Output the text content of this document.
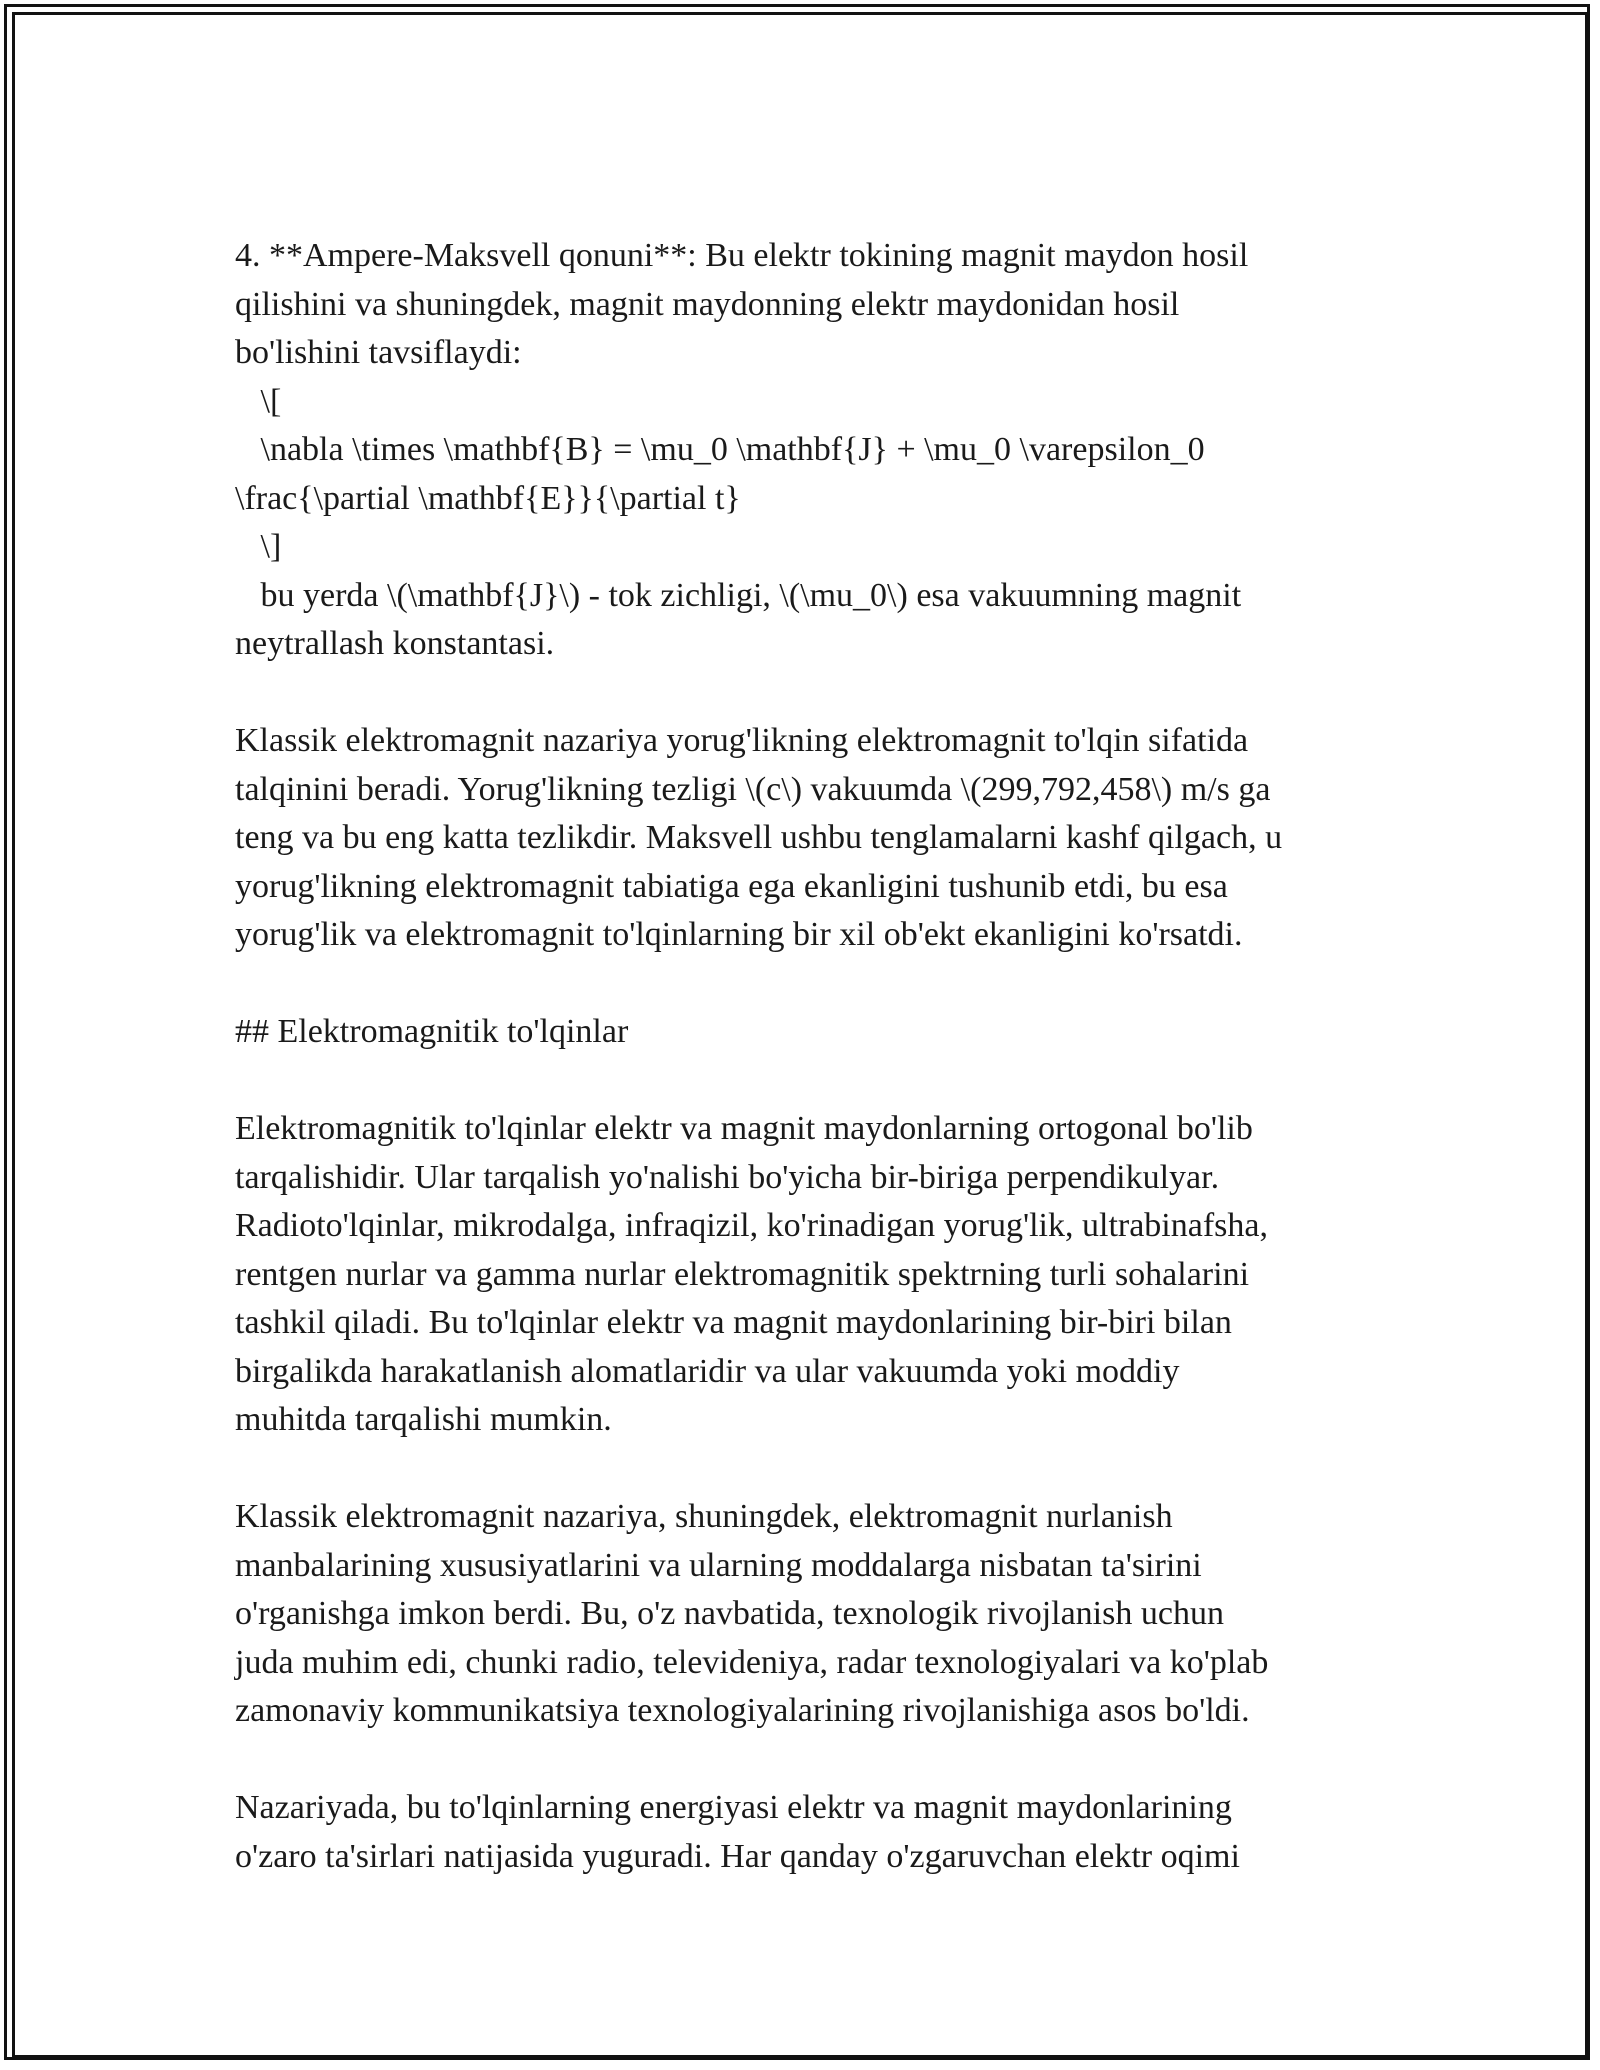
4. **Ampere-Maksvell qonuni**: Bu elektr tokining magnit maydon hosil
qilishini va shuningdek, magnit maydonning elektr maydonidan hosil
bo'lishini tavsiflaydi:
\[
\nabla \times \mathbf{B} = \mu_0 \mathbf{J} + \mu_0 \varepsilon_0
\frac{\partial \mathbf{E}}{\partial t}
\]
bu yerda \(\mathbf{J}\) - tok zichligi, \(\mu_0\) esa vakuumning magnit
neytrallash konstantasi.
Klassik elektromagnit nazariya yorug'likning elektromagnit to'lqin sifatida
talqinini beradi. Yorug'likning tezligi \(c\) vakuumda \(299,792,458\) m/s ga
teng va bu eng katta tezlikdir. Maksvell ushbu tenglamalarni kashf qilgach, u
yorug'likning elektromagnit tabiatiga ega ekanligini tushunib etdi, bu esa
yorug'lik va elektromagnit to'lqinlarning bir xil ob'ekt ekanligini ko'rsatdi.
## Elektromagnitik to'lqinlar
Elektromagnitik to'lqinlar elektr va magnit maydonlarning ortogonal bo'lib
tarqalishidir. Ular tarqalish yo'nalishi bo'yicha bir-biriga perpendikulyar.
Radioto'lqinlar, mikrodalga, infraqizil, ko'rinadigan yorug'lik, ultrabinafsha,
rentgen nurlar va gamma nurlar elektromagnitik spektrning turli sohalarini
tashkil qiladi. Bu to'lqinlar elektr va magnit maydonlarining bir-biri bilan
birgalikda harakatlanish alomatlaridir va ular vakuumda yoki moddiy
muhitda tarqalishi mumkin.
Klassik elektromagnit nazariya, shuningdek, elektromagnit nurlanish
manbalarining xususiyatlarini va ularning moddalarga nisbatan ta'sirini
o'rganishga imkon berdi. Bu, o'z navbatida, texnologik rivojlanish uchun
juda muhim edi, chunki radio, televideniya, radar texnologiyalari va ko'plab
zamonaviy kommunikatsiya texnologiyalarining rivojlanishiga asos bo'ldi.
Nazariyada, bu to'lqinlarning energiyasi elektr va magnit maydonlarining
o'zaro ta'sirlari natijasida yuguradi. Har qanday o'zgaruvchan elektr oqimi
